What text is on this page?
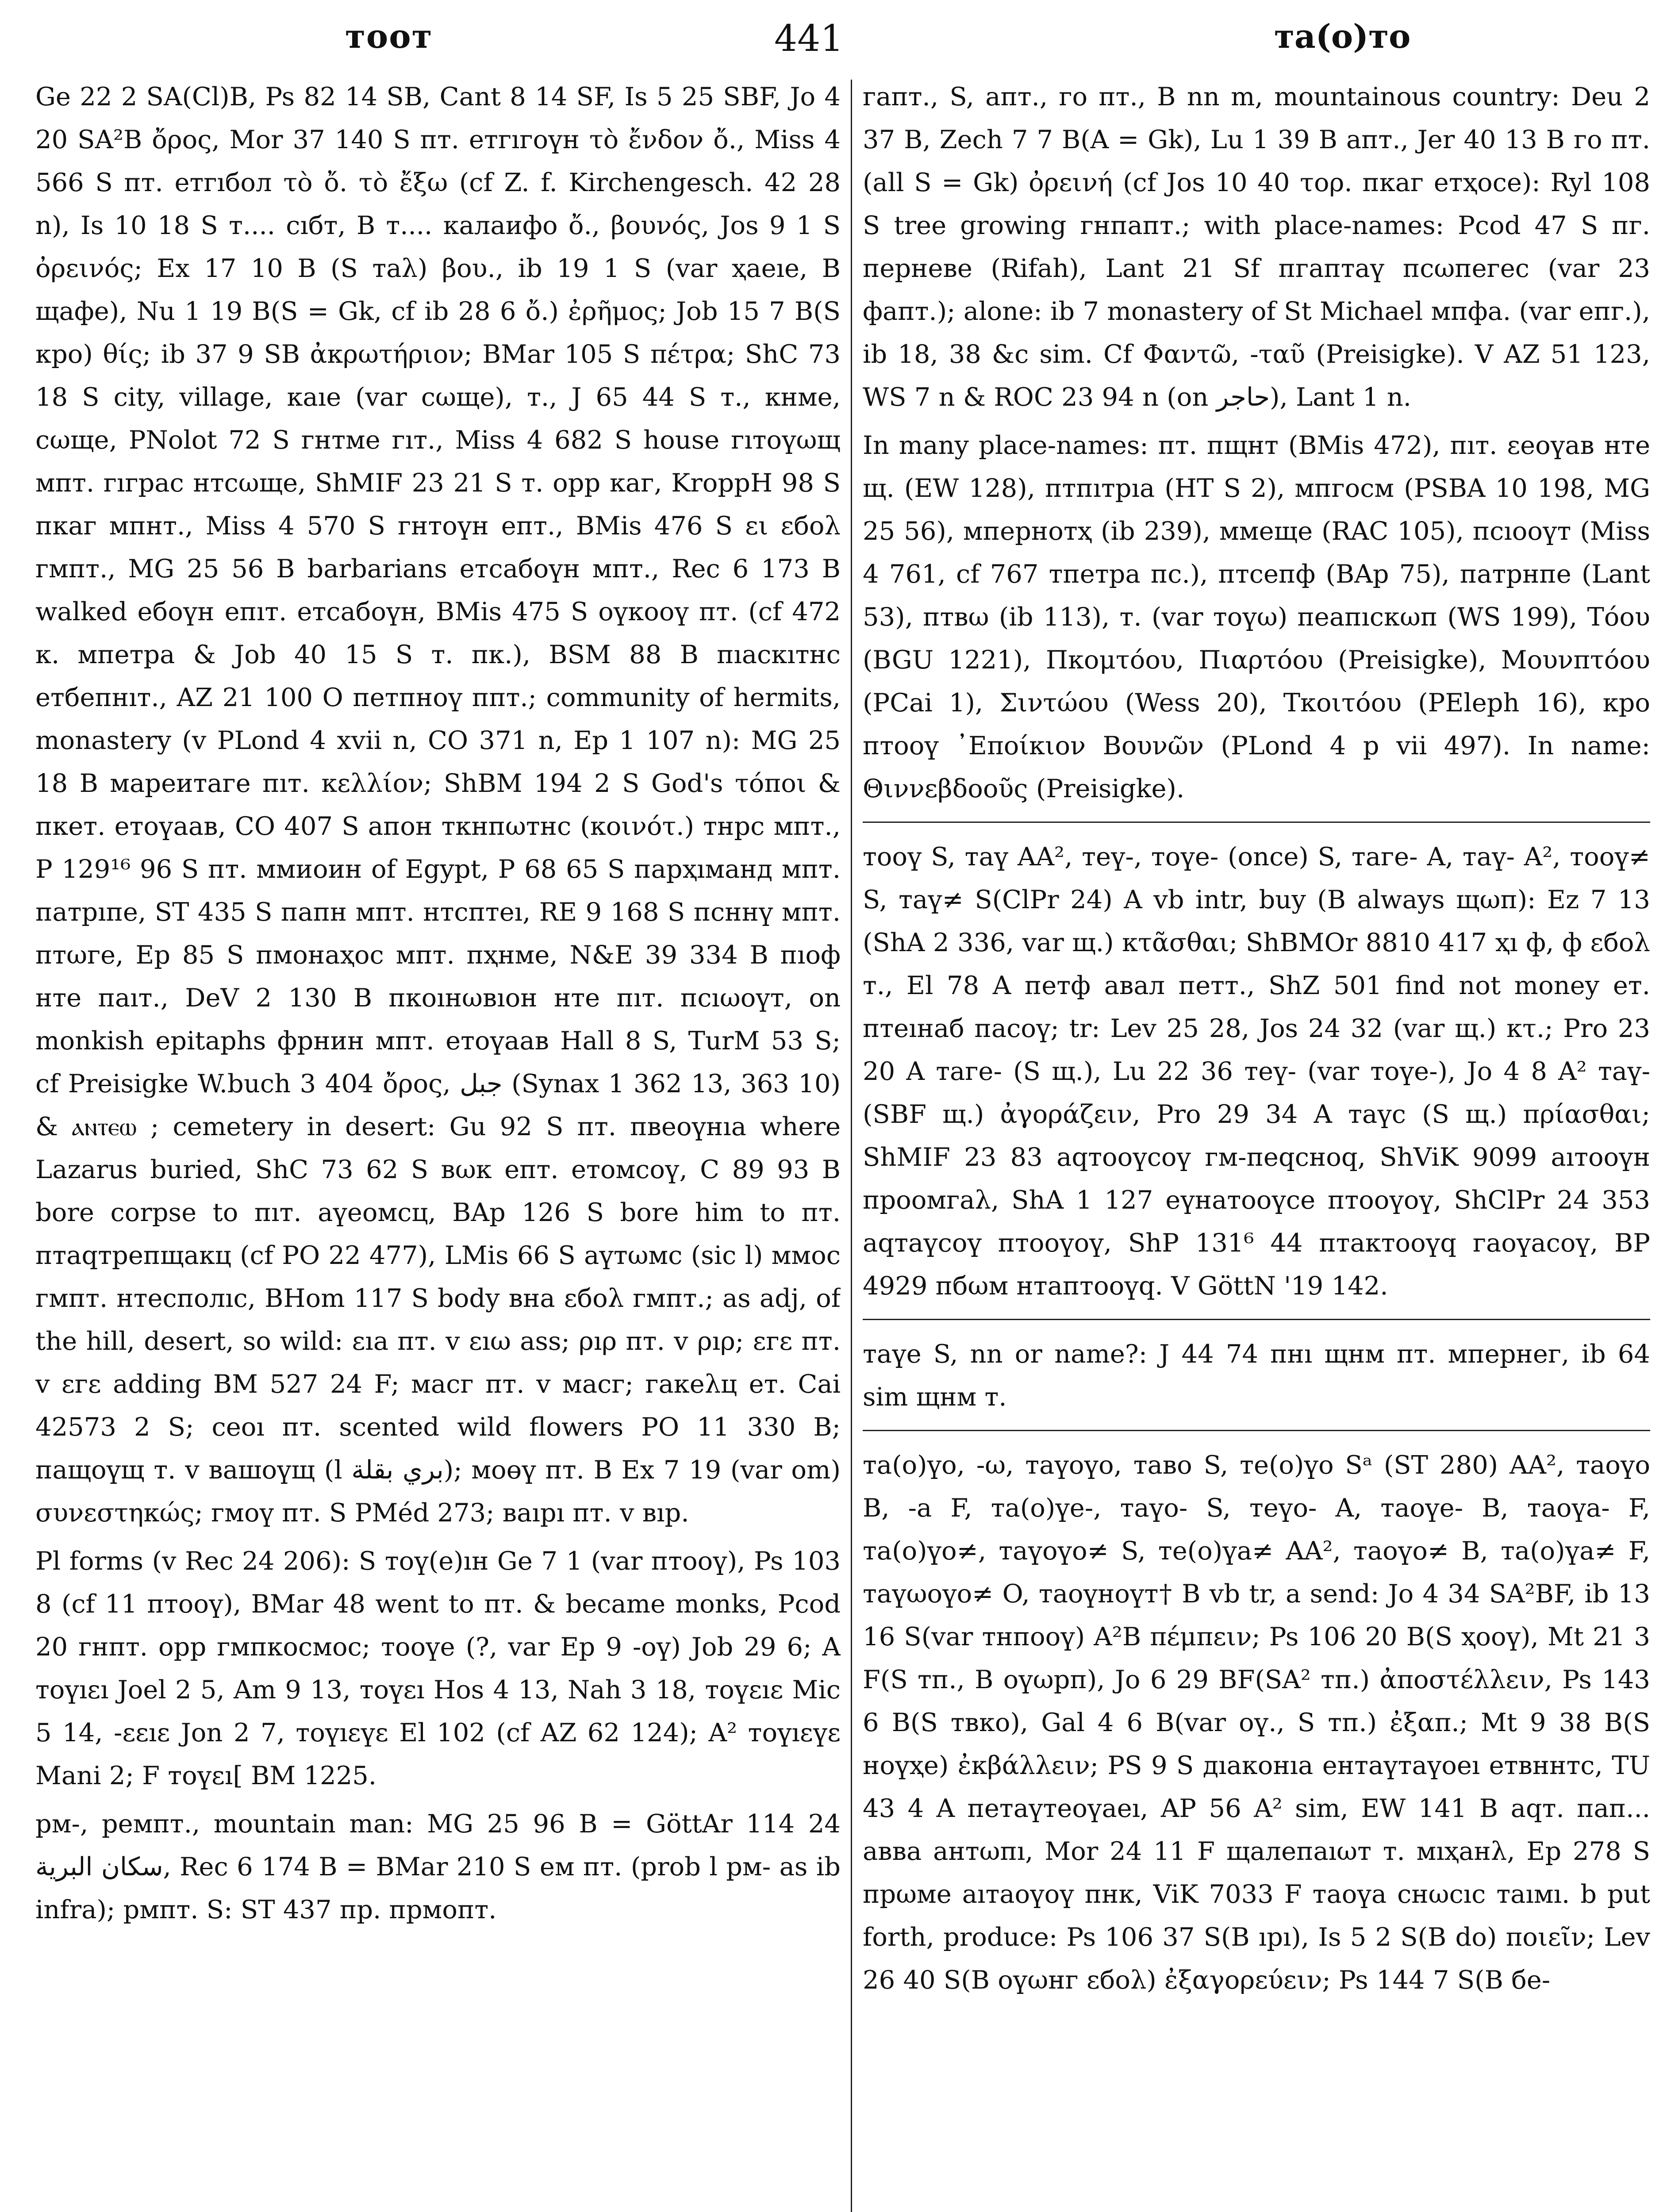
тоот	441	та(о)то

Ge 22 2 SA(Cl)B, Ps 82 14 SB, Cant 8 14 SF, Is 5 25 SBF, Jo 4 20 SA²B ὄρος, Mor 37 140 S пт. етгıгоүн τὸ ἔνδον ὄ., Miss 4 566 S пт. етгıбол τὸ ὄ. τὸ ἔξω (cf Z. f. Kirchengesch. 42 28 n), Is 10 18 S т.... сıбт, B т.... калаифо ὄ., βουνός, Jos 9 1 S ὀρεινός; Ex 17 10 B (S таλ) βου., ib 19 1 S (var ҳаеıе, B щафе), Nu 1 19 B(S = Gk, cf ib 28 6 ὄ.) ἐρῆμος; Job 15 7 B(S кро) θίς; ib 37 9 SB ἀκρωτήριον; BMar 105 S πέτρα; ShC 73 18 S city, village, каıе (var сωще), т., J 65 44 S т., кнме, сωще, PNolot 72 S гнтме гıт., Miss 4 682 S house гıтоүωщ мпт. гıграс нтсωще, ShMIF 23 21 S т. opp каг, KroppH 98 S пкаг мпнт., Miss 4 570 S гнтоүн епт., BMis 476 S ει εбоλ гмпт., MG 25 56 B barbarians етсабоүн мпт., Rec 6 173 B walked ебоүн епıт. етсабоүн, BMis 475 S оүкооү пт. (cf 472 к. мпетра & Job 40 15 S т. пк.), BSM 88 B пıаскıтнс етбепнıт., AZ 21 100 O петпноү ппт.; community of hermits, monastery (v PLond 4 xvii n, CO 371 n, Ep 1 107 n): MG 25 18 B мареитаге пıт. κελλίον; ShBM 194 2 S God's τόποι & пкет. етоүаав, CO 407 S апон ткнпωтнс (κοινότ.) тнрс мпт., P 129¹⁶ 96 S пт. ммиоин of Egypt, P 68 65 S парҳıманд мпт. патрıпе, ST 435 S папн мпт. нтсптеı, RE 9 168 S псннү мпт. птωге, Ep 85 S пмонаҳос мпт. пҳнме, N&E 39 334 B пıоф нте паıт., DeV 2 130 B пкоıнωвıон нте пıт. псıωоүт, on monkish epitaphs фрнин мпт. етоүаав Hall 8 S, TurM 53 S; cf Preisigke W.buch 3 404 ὄρος, جبل (Synax 1 362 13, 363 10) & ⲁⲛⲧⲉⲱ ; cemetery in desert: Gu 92 S пт. пвеоүнıа where Lazarus buried, ShC 73 62 S вωк епт. етомсоү, C 89 93 B bore corpse to пıт. аүеомсц, BAp 126 S bore him to пт. птаqтрепщакц (cf PO 22 477), LMis 66 S аүтωмс (sic l) ммос гмпт. нтесполıс, BHom 117 S body вна εбоλ гмпт.; as adj, of the hill, desert, so wild: εıа пт. v εıω ass; ρıρ пт. v ρıρ; εгε пт. v εгε adding BM 527 24 F; масг пт. v масг; гакеλц ет. Cai 42573 2 S; сеоı пт. scented wild flowers PO 11 330 B; пащоүщ т. v вашоүщ (l بري بقلة); моөү пт. B Ex 7 19 (var om) συνεστηκώς; гмоү пт. S PMéd 273; ваıрı пт. v вıр.

Pl forms (v Rec 24 206): S тоү(е)ıн Ge 7 1 (var птооү), Ps 103 8 (cf 11 птооү), BMar 48 went to пт. & became monks, Pcod 20 гнпт. opp гмпкосмос; тооүе (?, var Ep 9 -оү) Job 29 6; A тоүıεı Joel 2 5, Am 9 13, тоүεı Hos 4 13, Nah 3 18, тоүεıε Mic 5 14, -εεıε Jon 2 7, тоүıεүε El 102 (cf AZ 62 124); A² тоүıεүε Mani 2; F тоүεı[ BM 1225.

рм-, ремпт., mountain man: MG 25 96 B = GöttAr 114 24 سكان البرية, Rec 6 174 B = BMar 210 S ем пт. (prob l рм- as ib infra); рмпт. S: ST 437 пр. прмопт.

гапт., S, апт., го пт., B nn m, mountainous country: Deu 2 37 B, Zech 7 7 B(A = Gk), Lu 1 39 B апт., Jer 40 13 B го пт. (all S = Gk) ὀρεινή (cf Jos 10 40 τορ. пкаг етҳосе): Ryl 108 S tree growing гнпапт.; with place-names: Pcod 47 S пг. перневе (Rifah), Lant 21 Sf пгаптаү псωпегес (var 23 фапт.); alone: ib 7 monastery of St Michael мпфа. (var епг.), ib 18, 38 &c sim. Cf Φαντῶ, -ταῦ (Preisigke). V AZ 51 123, WS 7 n & ROC 23 94 n (on حاجر), Lant 1 n.

In many place-names: пт. пщнт (BMis 472), пıт. εеоүав нте щ. (EW 128), птпıтрıа (HT S 2), мпгосм (PSBA 10 198, MG 25 56), мпернотҳ (ib 239), ммеще (RAC 105), псıооүт (Miss 4 761, cf 767 тпетра пс.), птсепф (BAp 75), патрнпе (Lant 53), птвω (ib 113), т. (var тоүω) пеапıскωп (WS 199), Τόου (BGU 1221), Πκομτόου, Πιαρτόου (Preisigke), Μουνπτόου (PCai 1), Σιντώου (Wess 20), Τκοιτόου (PEleph 16), кро птооү ᾿Εποίκιον Βουνῶν (PLond 4 p vii 497). In name: Θιννεβδοοῦς (Preisigke).

тооү S, таү AA², теү-, тоүе- (once) S, таге- A, таү- A², тооү≠ S, таү≠ S(ClPr 24) A vb intr, buy (B always щωп): Ez 7 13 (ShA 2 336, var щ.) κτᾶσθαι; ShBMOr 8810 417 ҳı ф, ф εбоλ т., El 78 A петф авал петт., ShZ 501 find not money ет. птеıнаб пасоү; tr: Lev 25 28, Jos 24 32 (var щ.) κτ.; Pro 23 20 A таге- (S щ.), Lu 22 36 теү- (var тоүе-), Jo 4 8 A² таү- (SBF щ.) ἀγοράζειν, Pro 29 34 A таүс (S щ.) πρίασθαι; ShMIF 23 83 аqтооүсоү гм-пеqсноq, ShViK 9099 аıтооүн проомгаλ, ShA 1 127 еүнатооүсе птооүоү, ShClPr 24 353 аqтаүсоү птооүоү, ShP 131⁶ 44 птактооүq гаоүасоү, BP 4929 пбωм нтаптооүq. V GöttN '19 142.

таүе S, nn or name?: J 44 74 пнı щнм пт. мпернег, ib 64 sim щнм т.

та(о)үо, -ω, таүоүо, таво S, те(о)үо Sᵃ (ST 280) AA², таоүо B, -а F, та(о)үе-, таүо- S, теүо- A, таоүе- B, таоүа- F, та(о)үо≠, таүоүо≠ S, те(о)үа≠ AA², таоүо≠ B, та(о)үа≠ F, таүωоүо≠ O, таоүноүт† B vb tr, a send: Jo 4 34 SA²BF, ib 13 16 S(var тнпооү) A²B πέμπειν; Ps 106 20 B(S ҳооү), Mt 21 3 F(S тп., B оүωрп), Jo 6 29 BF(SA² тп.) ἀποστέλλειν, Ps 143 6 B(S твко), Gal 4 6 B(var оү., S тп.) ἐξαπ.; Mt 9 38 B(S ноүҳе) ἐκβάλλειν; PS 9 S дıаконıа ентаүтаүоеı етвннтс, TU 43 4 A петаүтеоүаеı, AP 56 A² sim, EW 141 B аqт. пап... авва антωпı, Mor 24 11 F щалепаıωт т. мıҳанλ, Ep 278 S прωме аıтаоүоү пнк, ViK 7033 F таоүа снωсıс таıмı. b put forth, produce: Ps 106 37 S(B ıрı), Is 5 2 S(B do) ποιεῖν; Lev 26 40 S(B оүωнг εбоλ) ἐξαγορεύειν; Ps 144 7 S(B бе-
